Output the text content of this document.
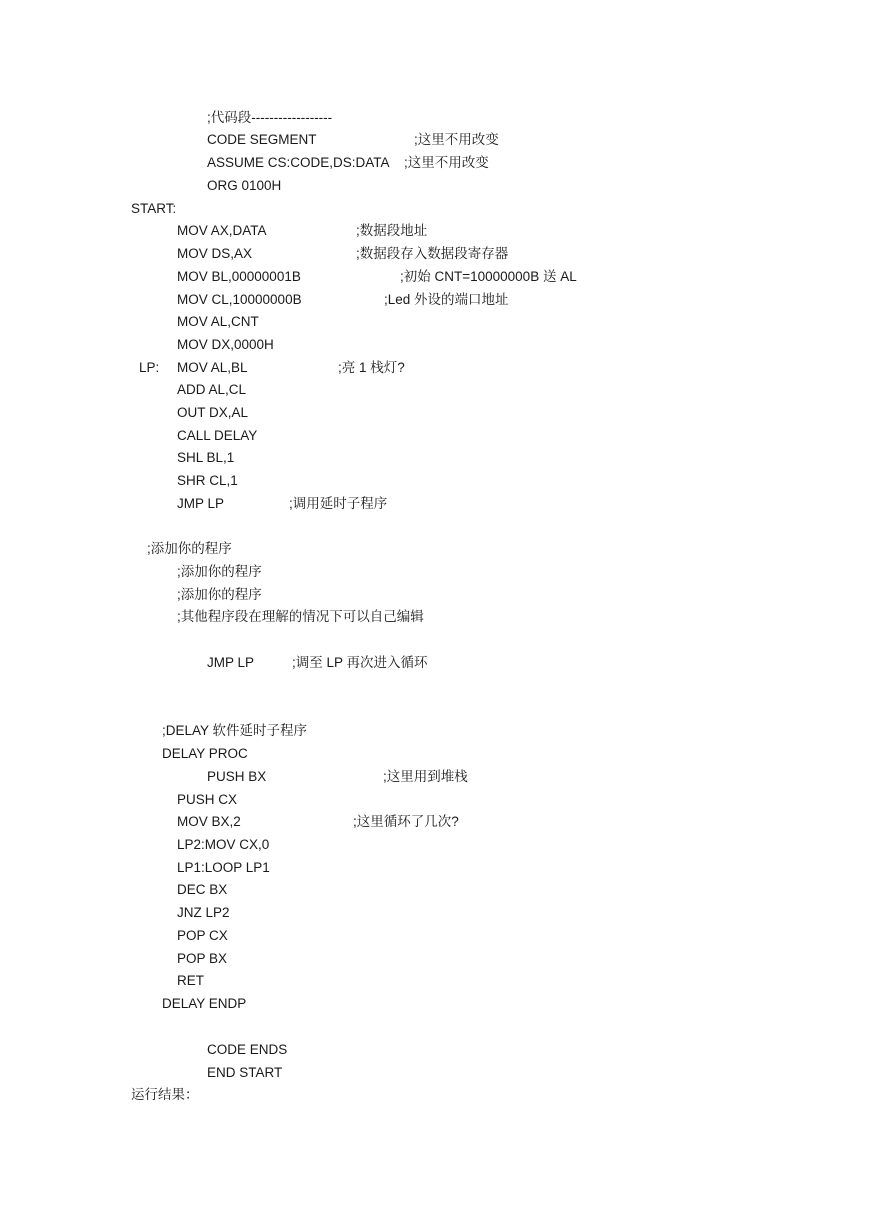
;代码段------------------
CODE SEGMENT	;这里不用改变
ASSUME CS:CODE,DS:DATA ;这里不用改变
ORG 0100H
START:
MOV AX,DATA	;数据段地址
MOV DS,AX	;数据段存入数据段寄存器
MOV BL,00000001B	;初始 CNT=10000000B 送 AL
MOV CL,10000000B	;Led 外设的端口地址
MOV AL,CNT
MOV DX,0000H
LP: MOV AL,BL	;亮 1 栈灯?
ADD AL,CL
OUT DX,AL
CALL DELAY
SHL BL,1
SHR CL,1
JMP LP	;调用延时子程序
;添加你的程序
;添加你的程序
;添加你的程序
;其他程序段在理解的情况下可以自己编辑
JMP LP	;调至 LP 再次进入循环
;DELAY 软件延时子程序
DELAY PROC
PUSH BX	;这里用到堆栈
PUSH CX
MOV BX,2	;这里循环了几次?
LP2:MOV CX,0
LP1:LOOP LP1
DEC BX
JNZ LP2
POP CX
POP BX
RET
DELAY ENDP
CODE ENDS
END START
运行结果：
